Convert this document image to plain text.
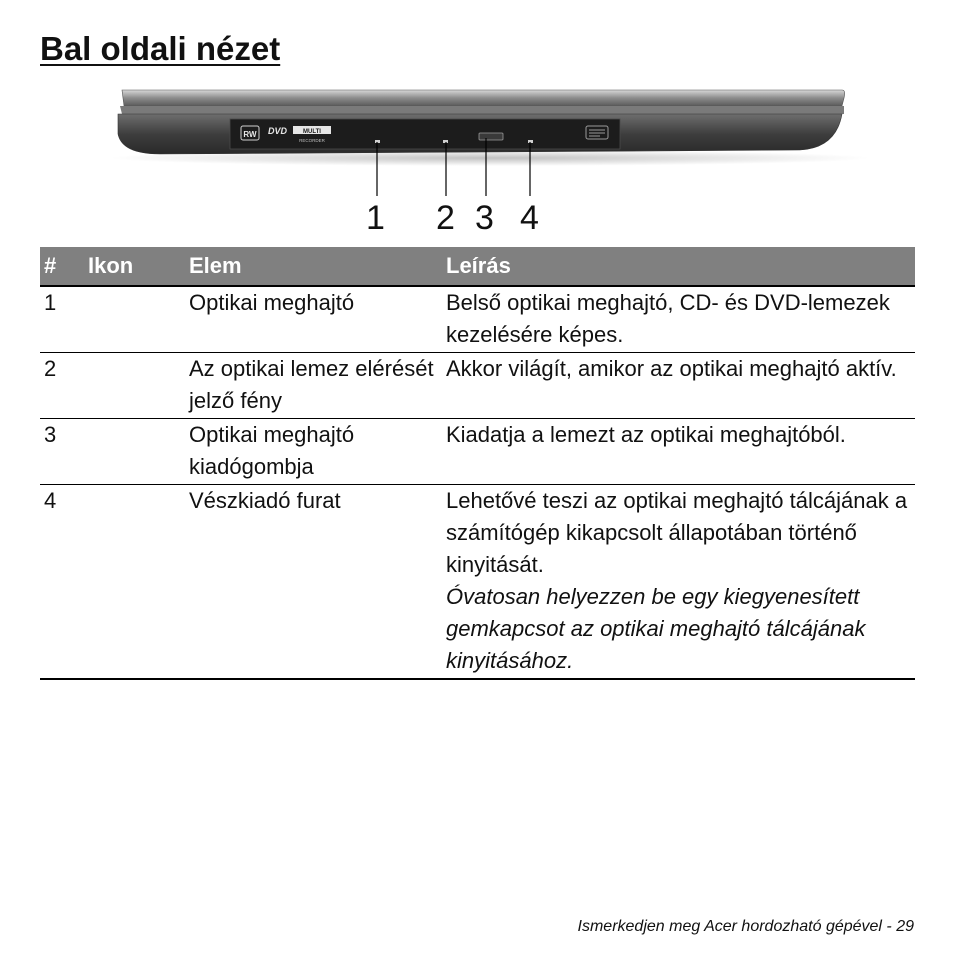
Bal oldali nézet
RW DVD	MULTI
RECORDER
1 2 3 4
#	Ikon	Elem	Leírás
1		Optikai meghajtó	Belső optikai meghajtó, CD- és DVD-lemezek kezelésére képes.
2		Az optikai lemez elérését jelző fény	Akkor világít, amikor az optikai meghajtó aktív.
3		Optikai meghajtó kiadógombja	Kiadatja a lemezt az optikai meghajtóból.
4		Vészkiadó furat	Lehetővé teszi az optikai meghajtó tálcájának a számítógép kikapcsolt állapotában történő kinyitását.
Óvatosan helyezzen be egy kiegyenesített gemkapcsot az optikai meghajtó tálcájának kinyitásához.
Ismerkedjen meg Acer hordozható gépével - 29
